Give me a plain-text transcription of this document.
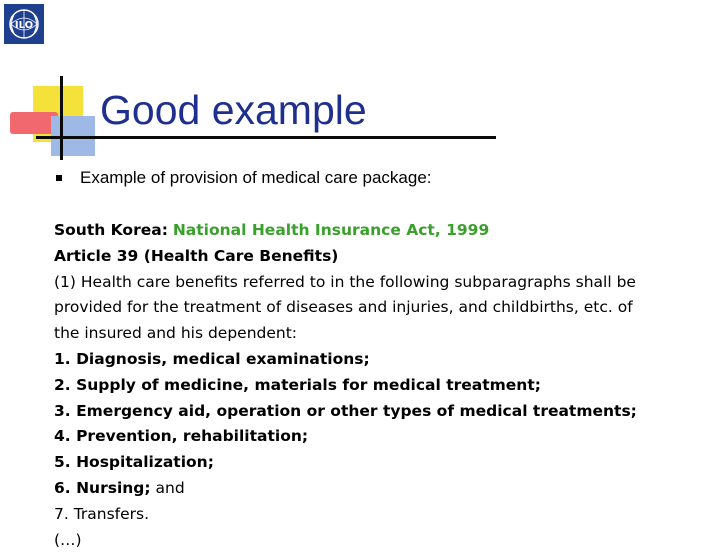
ILO
Good example
Example of provision of medical care package:
South Korea: National Health Insurance Act, 1999
Article 39 (Health Care Benefits)
(1) Health care benefits referred to in the following subparagraphs shall be
provided for the treatment of diseases and injuries, and childbirths, etc. of
the insured and his dependent:
1. Diagnosis, medical examinations;
2. Supply of medicine, materials for medical treatment;
3. Emergency aid, operation or other types of medical treatments;
4. Prevention, rehabilitation;
5. Hospitalization;
6. Nursing; and
7. Transfers.
(…)
